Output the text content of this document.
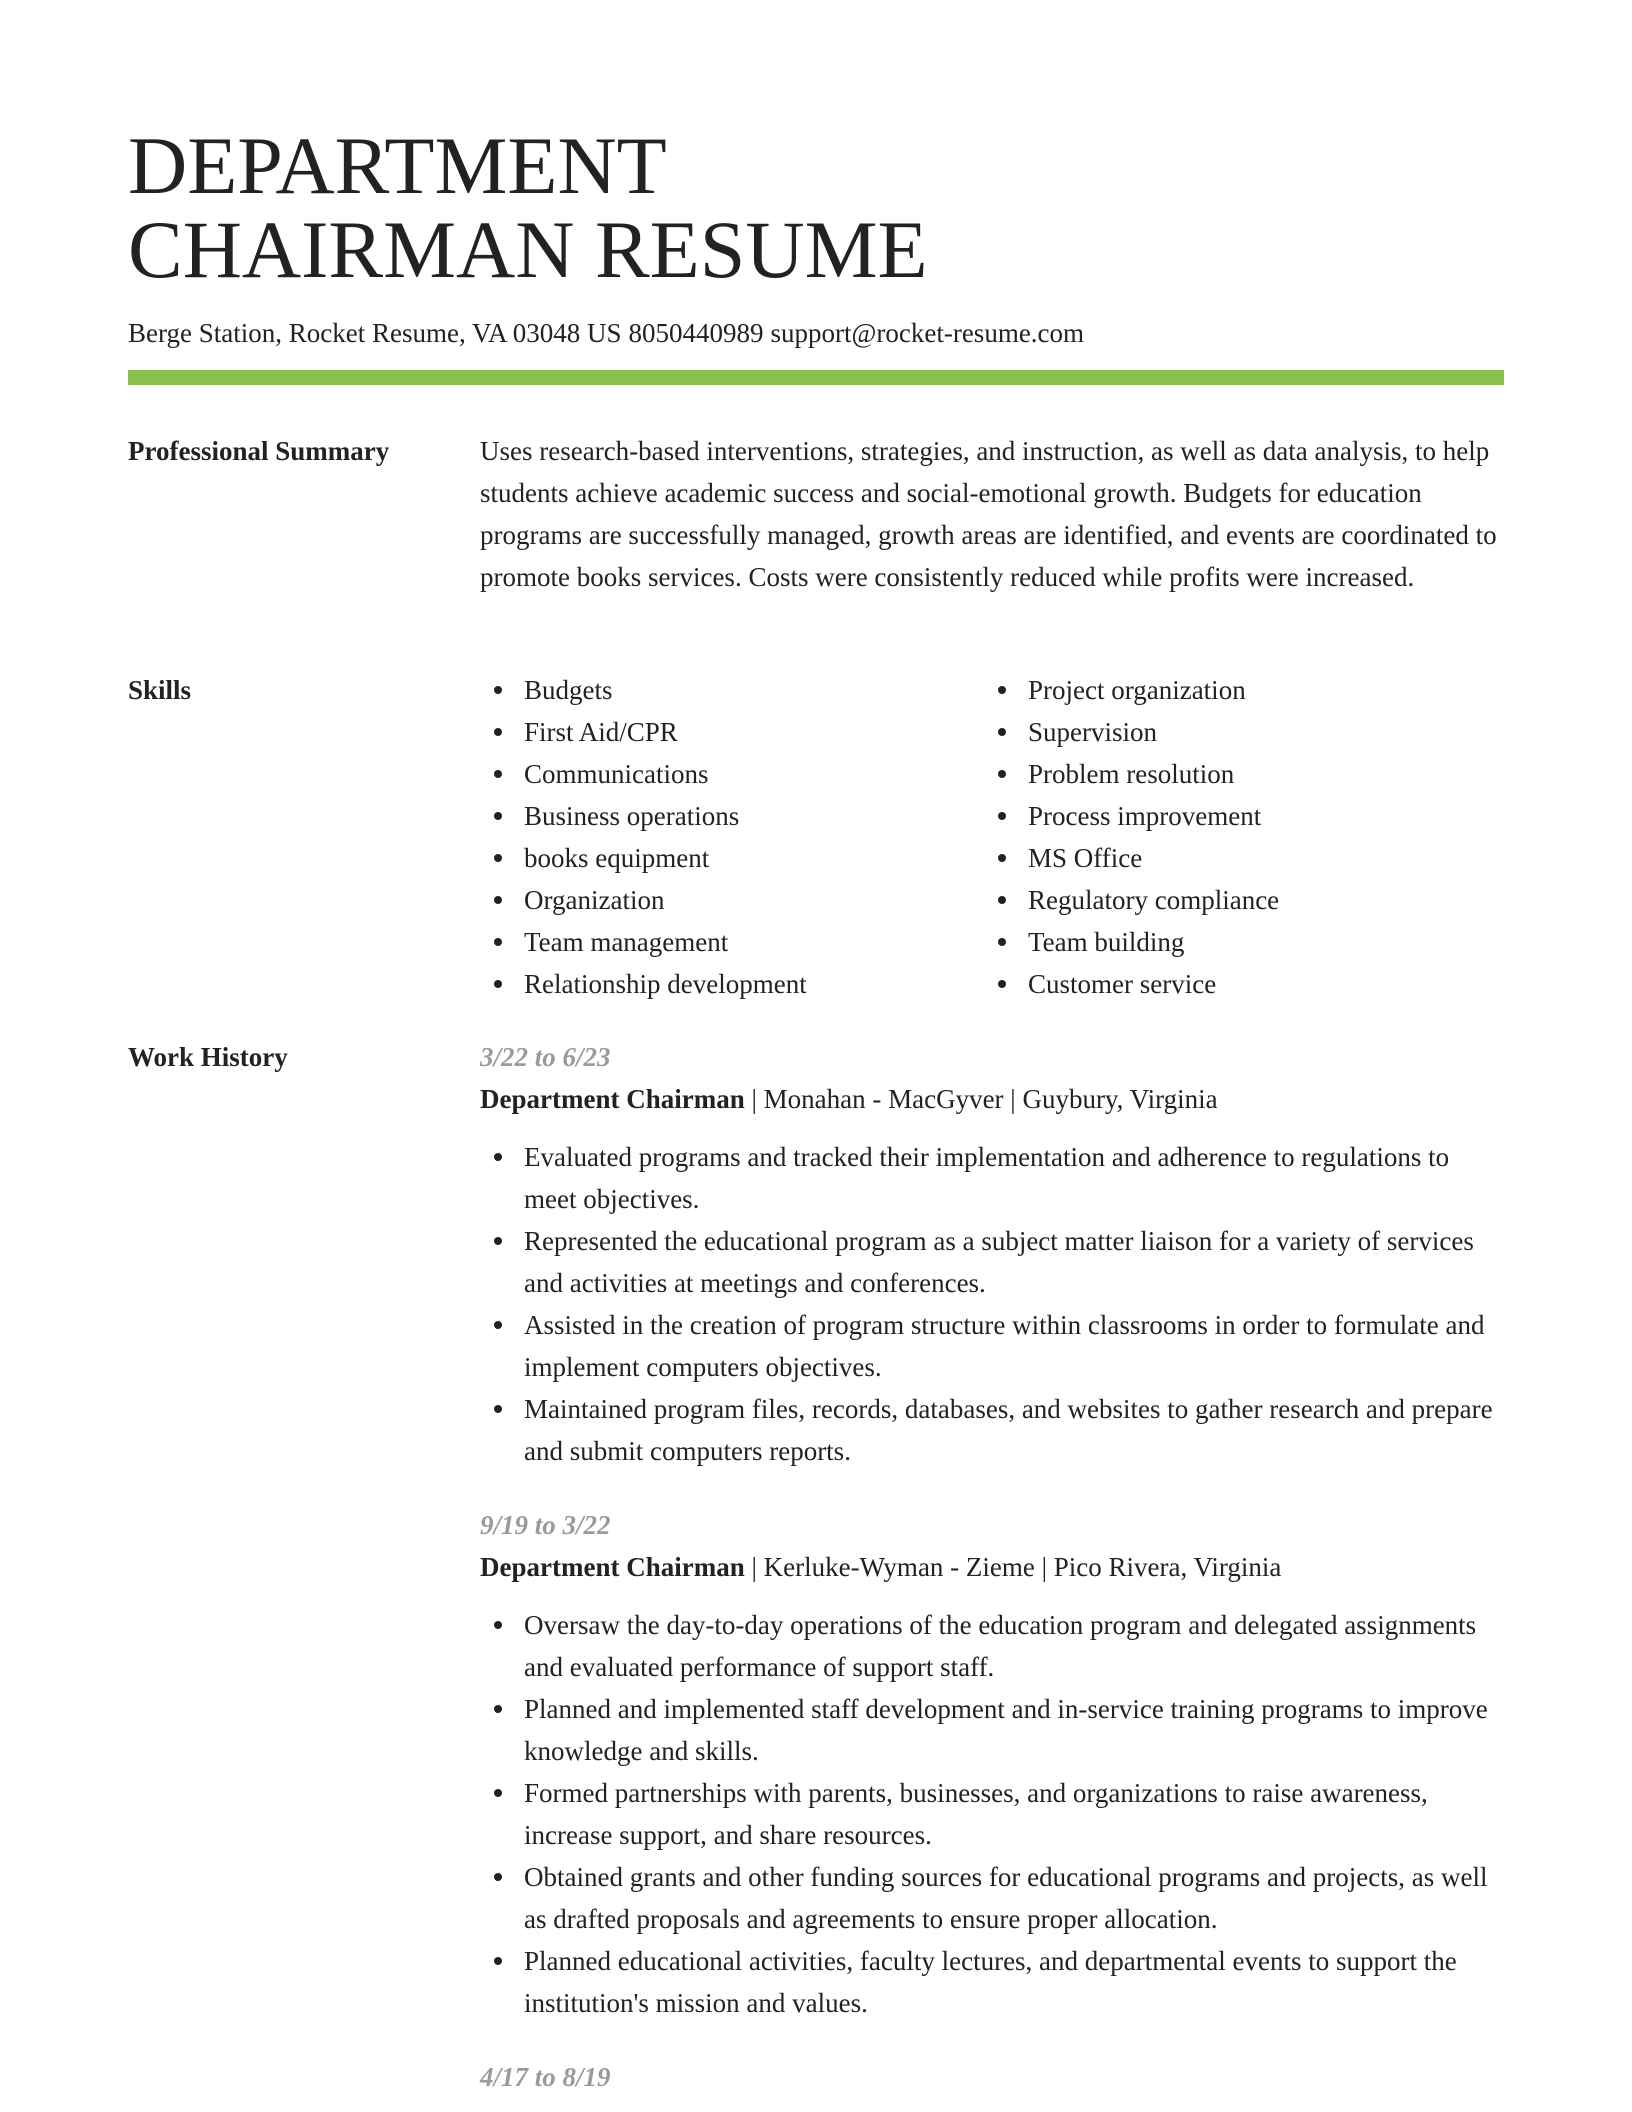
DEPARTMENT
CHAIRMAN RESUME
Berge Station, Rocket Resume, VA 03048 US 8050440989 support@rocket-resume.com
Professional Summary	Uses research-based interventions, strategies, and instruction, as well as data analysis, to help students achieve academic success and social-emotional growth. Budgets for education programs are successfully managed, growth areas are identified, and events are coordinated to promote books services. Costs were consistently reduced while profits were increased.

Skills	Budgets
First Aid/CPR
Communications
Business operations
books equipment
Organization
Team management
Relationship development
Project organization
Supervision
Problem resolution
Process improvement
MS Office
Regulatory compliance
Team building
Customer service
Work History	3/22 to 6/23
Department Chairman | Monahan - MacGyver | Guybury, Virginia
Evaluated programs and tracked their implementation and adherence to regulations to meet objectives.
Represented the educational program as a subject matter liaison for a variety of services and activities at meetings and conferences.
Assisted in the creation of program structure within classrooms in order to formulate and implement computers objectives.
Maintained program files, records, databases, and websites to gather research and prepare and submit computers reports.
9/19 to 3/22
Department Chairman | Kerluke-Wyman - Zieme | Pico Rivera, Virginia
Oversaw the day-to-day operations of the education program and delegated assignments and evaluated performance of support staff.
Planned and implemented staff development and in-service training programs to improve knowledge and skills.
Formed partnerships with parents, businesses, and organizations to raise awareness, increase support, and share resources.
Obtained grants and other funding sources for educational programs and projects, as well as drafted proposals and agreements to ensure proper allocation.
Planned educational activities, faculty lectures, and departmental events to support the institution's mission and values.
4/17 to 8/19
